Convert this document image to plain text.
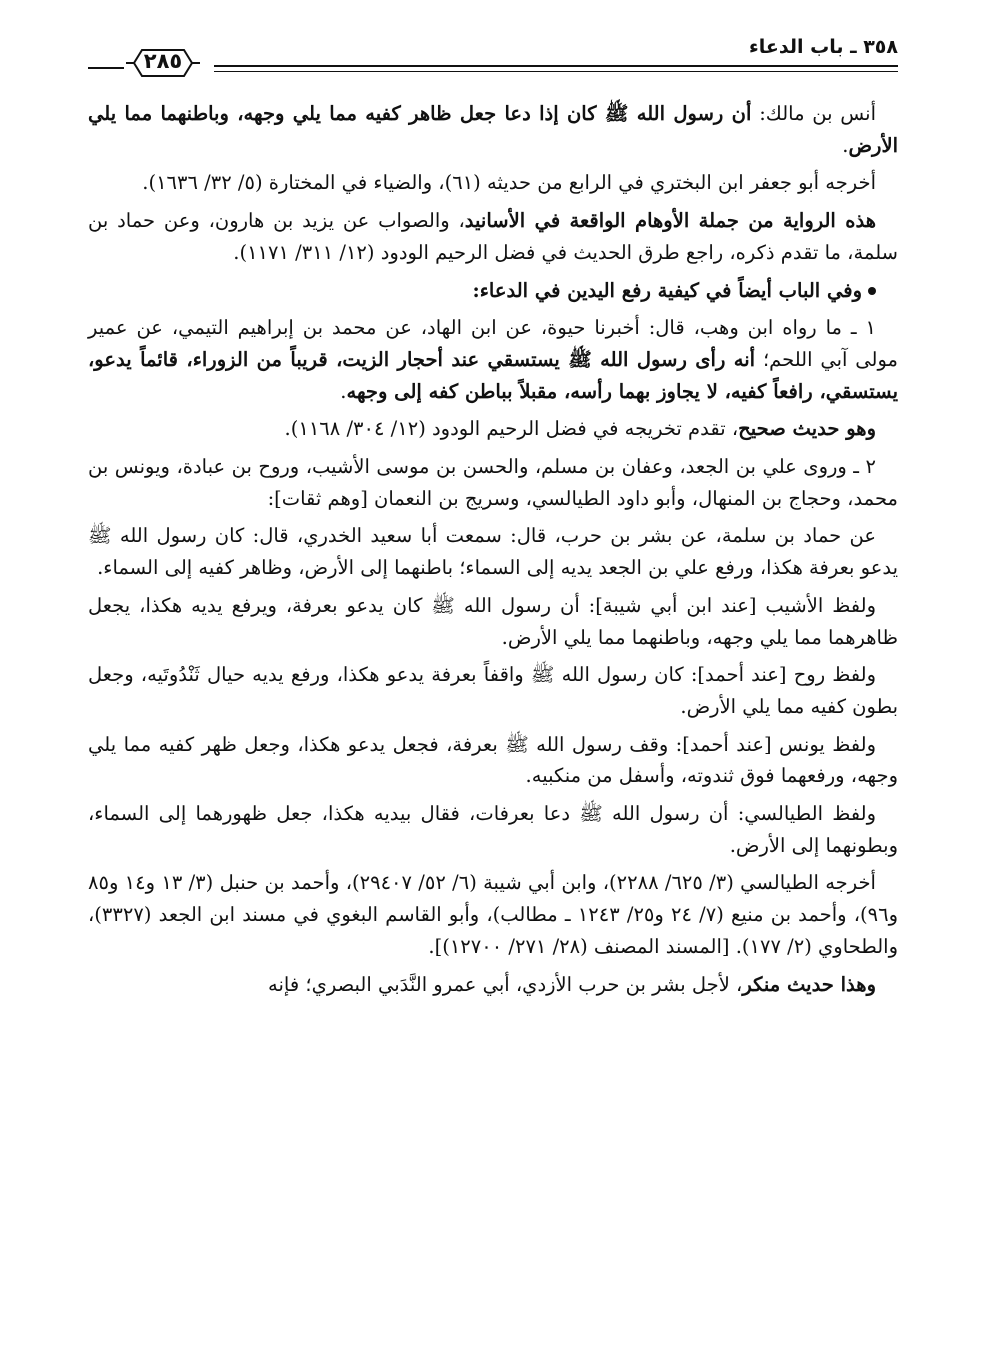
٣٥٨ ـ باب الدعاء
٢٨٥

أنس بن مالك: أن رسول الله ﷺ كان إذا دعا جعل ظاهر كفيه مما يلي وجهه، وباطنهما مما يلي الأرض.

أخرجه أبو جعفر ابن البختري في الرابع من حديثه (٦١)، والضياء في المختارة (٥/ ٣٢/ ١٦٣٦).

هذه الرواية من جملة الأوهام الواقعة في الأسانيد، والصواب عن يزيد بن هارون، وعن حماد بن سلمة، ما تقدم ذكره، راجع طرق الحديث في فضل الرحيم الودود (١٢/ ٣١١/ ١١٧١).

وفي الباب أيضاً في كيفية رفع اليدين في الدعاء:

١ ـ ما رواه ابن وهب، قال: أخبرنا حيوة، عن ابن الهاد، عن محمد بن إبراهيم التيمي، عن عمير مولى آبي اللحم؛ أنه رأى رسول الله ﷺ يستسقي عند أحجار الزيت، قريباً من الزوراء، قائماً يدعو، يستسقي، رافعاً كفيه، لا يجاوز بهما رأسه، مقبلاً بباطن كفه إلى وجهه.

وهو حديث صحيح، تقدم تخريجه في فضل الرحيم الودود (١٢/ ٣٠٤/ ١١٦٨).

٢ ـ وروى علي بن الجعد، وعفان بن مسلم، والحسن بن موسى الأشيب، وروح بن عبادة، ويونس بن محمد، وحجاج بن المنهال، وأبو داود الطيالسي، وسريج بن النعمان [وهم ثقات]:

عن حماد بن سلمة، عن بشر بن حرب، قال: سمعت أبا سعيد الخدري، قال: كان رسول الله ﷺ يدعو بعرفة هكذا، ورفع علي بن الجعد يديه إلى السماء؛ باطنهما إلى الأرض، وظاهر كفيه إلى السماء.

ولفظ الأشيب [عند ابن أبي شيبة]: أن رسول الله ﷺ كان يدعو بعرفة، ويرفع يديه هكذا، يجعل ظاهرهما مما يلي وجهه، وباطنهما مما يلي الأرض.

ولفظ روح [عند أحمد]: كان رسول الله ﷺ واقفاً بعرفة يدعو هكذا، ورفع يديه حيال ثَنْدُوتَيه، وجعل بطون كفيه مما يلي الأرض.

ولفظ يونس [عند أحمد]: وقف رسول الله ﷺ بعرفة، فجعل يدعو هكذا، وجعل ظهر كفيه مما يلي وجهه، ورفعهما فوق ثندوته، وأسفل من منكبيه.

ولفظ الطيالسي: أن رسول الله ﷺ دعا بعرفات، فقال بيديه هكذا، جعل ظهورهما إلى السماء، وبطونهما إلى الأرض.

أخرجه الطيالسي (٣/ ٦٢٥/ ٢٢٨٨)، وابن أبي شيبة (٦/ ٥٢/ ٢٩٤٠٧)، وأحمد بن حنبل (٣/ ١٣ و١٤ و٨٥ و٩٦)، وأحمد بن منيع (٧/ ٢٤ و٢٥/ ١٢٤٣ ـ مطالب)، وأبو القاسم البغوي في مسند ابن الجعد (٣٣٢٧)، والطحاوي (٢/ ١٧٧). [المسند المصنف (٢٨/ ٢٧١/ ١٢٧٠٠)].

وهذا حديث منكر، لأجل بشر بن حرب الأزدي، أبي عمرو النَّدَبي البصري؛ فإنه
